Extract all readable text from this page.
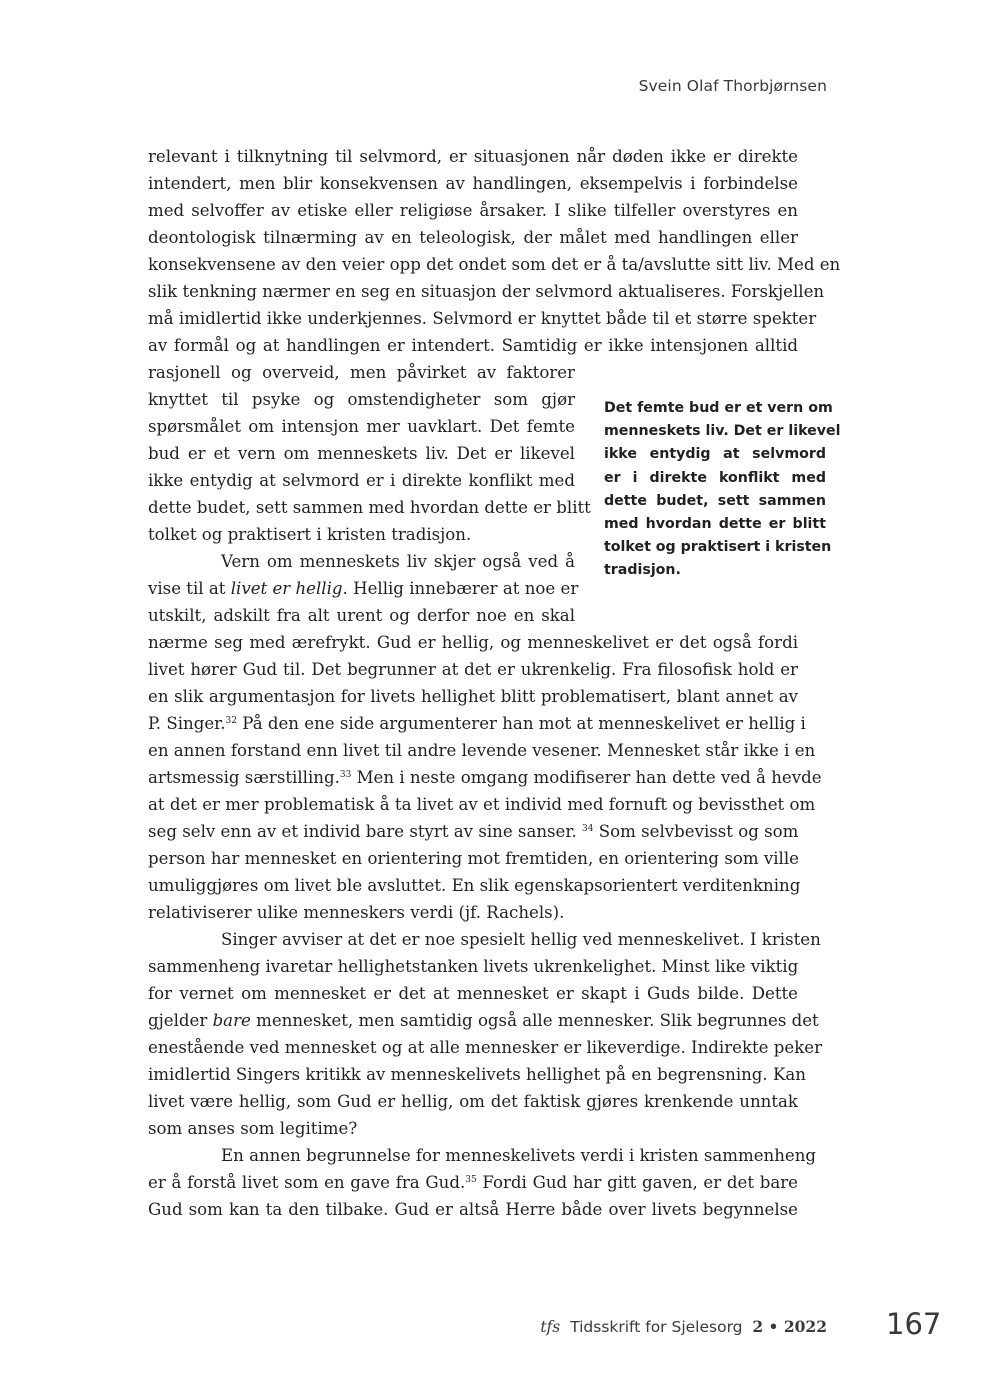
Svein Olaf Thorbjørnsen
relevant i tilknytning til selvmord, er situasjonen når døden ikke er direkte
intendert, men blir konsekvensen av handlingen, eksempelvis i forbindelse
med selvoffer av etiske eller religiøse årsaker. I slike tilfeller overstyres en
deontologisk tilnærming av en teleologisk, der målet med handlingen eller
konsekvensene av den veier opp det ondet som det er å ta/avslutte sitt liv. Med en
slik tenkning nærmer en seg en situasjon der selvmord aktualiseres. Forskjellen
må imidlertid ikke underkjennes. Selvmord er knyttet både til et større spekter
av formål og at handlingen er intendert. Samtidig er ikke intensjonen alltid
rasjonell og overveid, men påvirket av faktorer
knyttet til psyke og omstendigheter som gjør
spørsmålet om intensjon mer uavklart. Det femte
bud er et vern om menneskets liv. Det er likevel
ikke entydig at selvmord er i direkte konflikt med
dette budet, sett sammen med hvordan dette er blitt
tolket og praktisert i kristen tradisjon.
Vern om menneskets liv skjer også ved å
vise til at livet er hellig. Hellig innebærer at noe er
utskilt, adskilt fra alt urent og derfor noe en skal
nærme seg med ærefrykt. Gud er hellig, og menneskelivet er det også fordi
livet hører Gud til. Det begrunner at det er ukrenkelig. Fra filosofisk hold er
en slik argumentasjon for livets hellighet blitt problematisert, blant annet av
P. Singer.$^{32}$ På den ene side argumenterer han mot at menneskelivet er hellig i
en annen forstand enn livet til andre levende vesener. Mennesket står ikke i en
artsmessig særstilling.$^{33}$ Men i neste omgang modifiserer han dette ved å hevde
at det er mer problematisk å ta livet av et individ med fornuft og bevissthet om
seg selv enn av et individ bare styrt av sine sanser. $^{34}$ Som selvbevisst og som
person har mennesket en orientering mot fremtiden, en orientering som ville
umuliggjøres om livet ble avsluttet. En slik egenskapsorientert verditenkning
relativiserer ulike menneskers verdi (jf. Rachels).
Singer avviser at det er noe spesielt hellig ved menneskelivet. I kristen
sammenheng ivaretar hellighetstanken livets ukrenkelighet. Minst like viktig
for vernet om mennesket er det at mennesket er skapt i Guds bilde. Dette
gjelder bare mennesket, men samtidig også alle mennesker. Slik begrunnes det
enestående ved mennesket og at alle mennesker er likeverdige. Indirekte peker
imidlertid Singers kritikk av menneskelivets hellighet på en begrensning. Kan
livet være hellig, som Gud er hellig, om det faktisk gjøres krenkende unntak
som anses som legitime?
En annen begrunnelse for menneskelivets verdi i kristen sammenheng
er å forstå livet som en gave fra Gud.$^{35}$ Fordi Gud har gitt gaven, er det bare
Gud som kan ta den tilbake. Gud er altså Herre både over livets begynnelse
Det femte bud er et vern om
menneskets liv. Det er likevel
ikke entydig at selvmord
er i direkte konflikt med
dette budet, sett sammen
med hvordan dette er blitt
tolket og praktisert i kristen
tradisjon.
tfs Tidsskrift for Sjelesorg 2 • 2022 167
